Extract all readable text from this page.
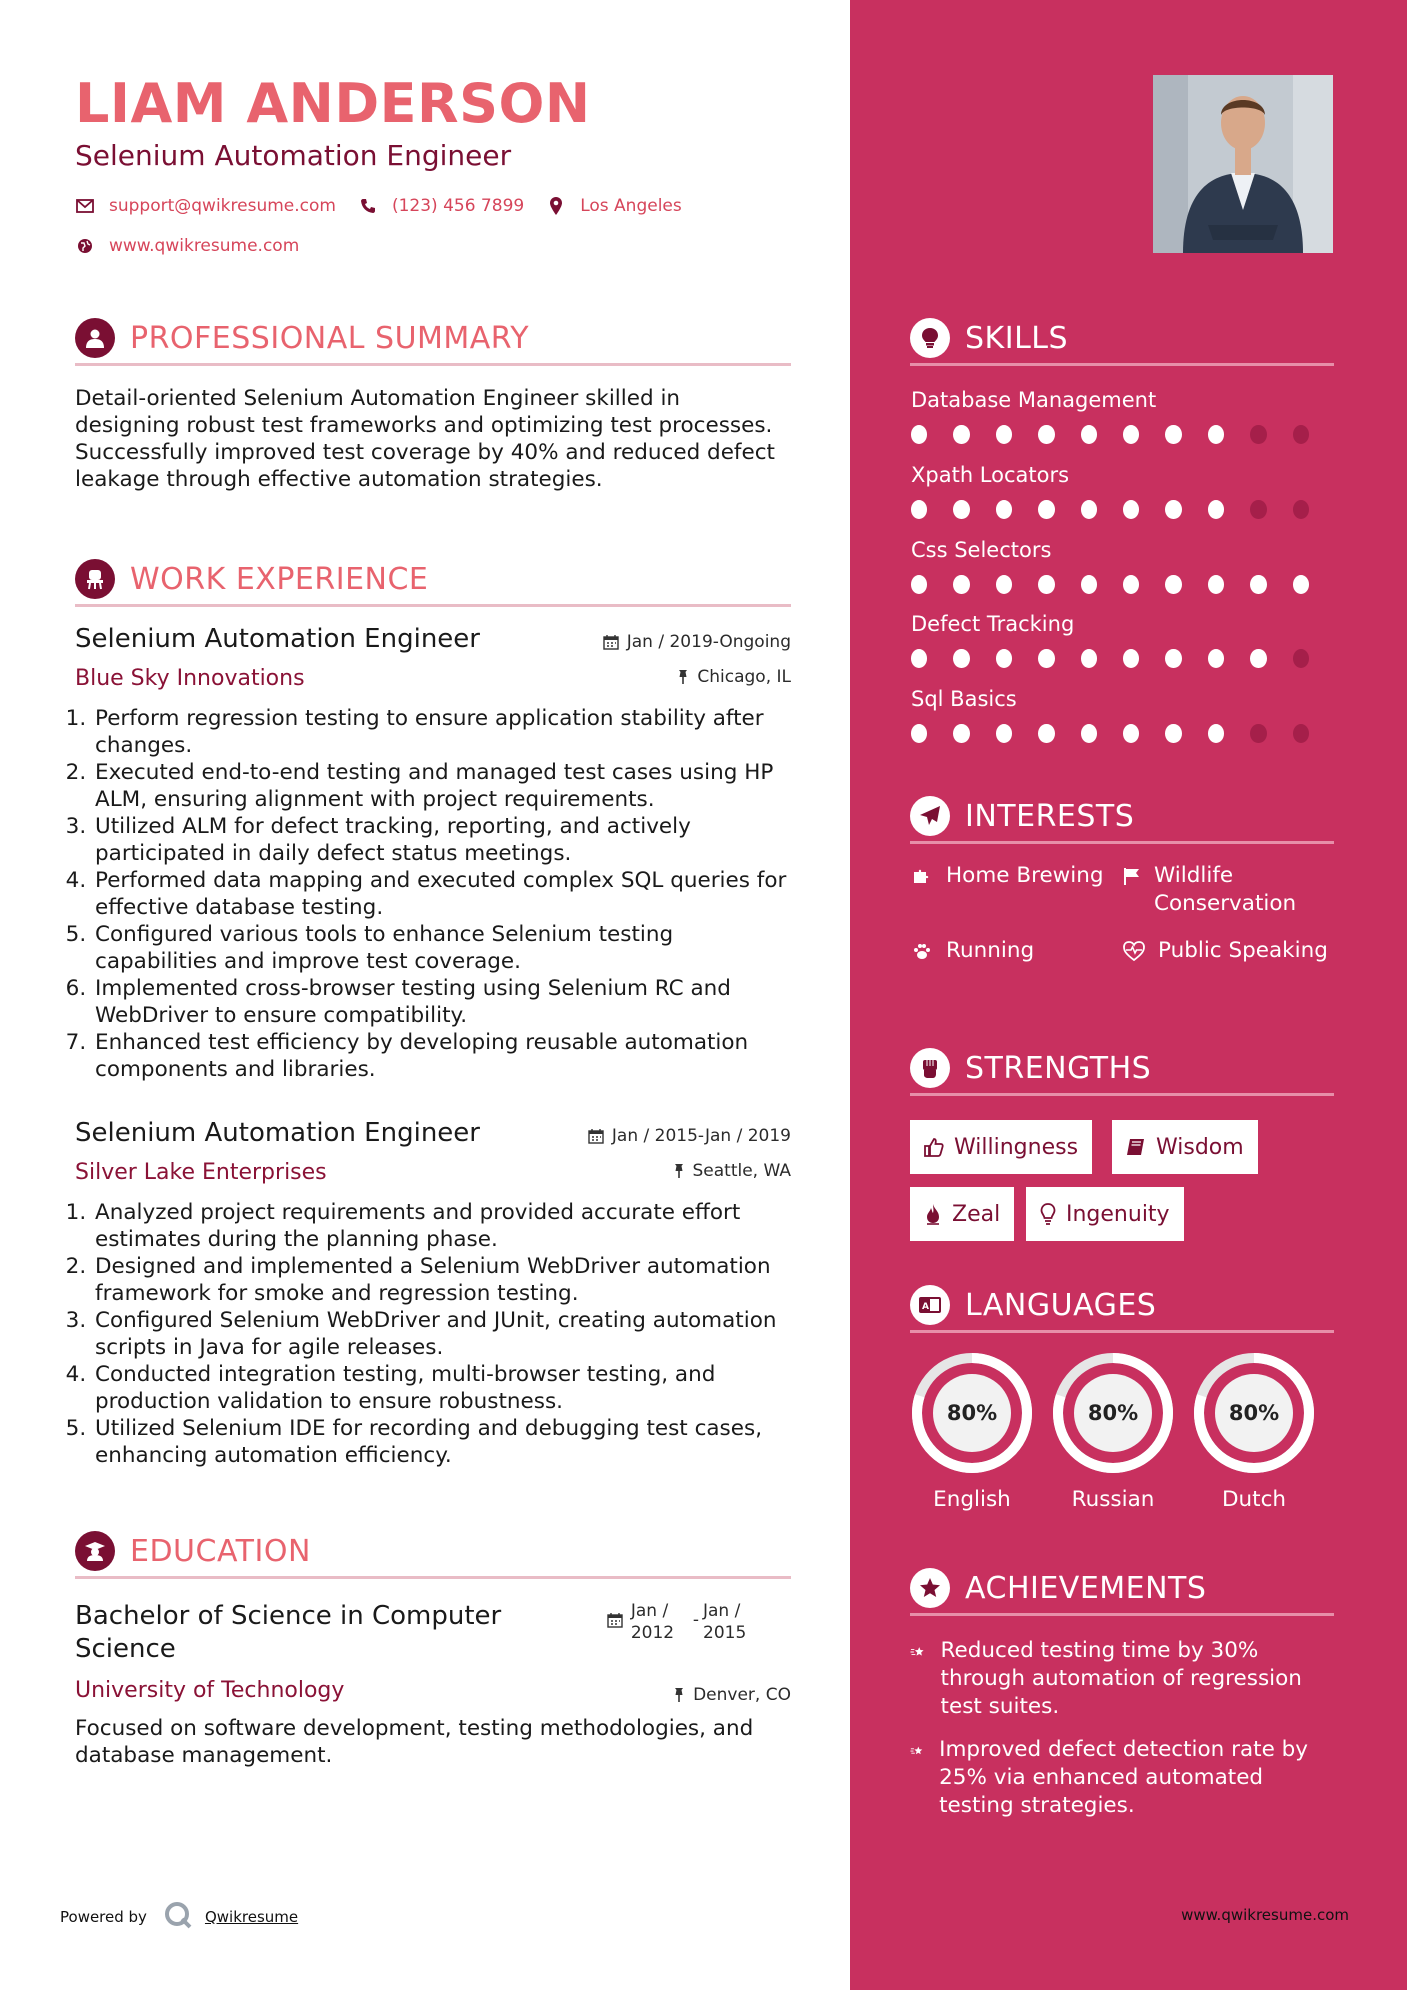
LIAM ANDERSON
Selenium Automation Engineer
support@qwikresume.com	(123) 456 7899	Los Angeles
www.qwikresume.com
PROFESSIONAL SUMMARY
Detail-oriented Selenium Automation Engineer skilled in designing robust test frameworks and optimizing test processes. Successfully improved test coverage by 40% and reduced defect leakage through effective automation strategies.
WORK EXPERIENCE
Selenium Automation Engineer
Blue Sky Innovations
Jan / 2019-Ongoing
Chicago, IL
1. Perform regression testing to ensure application stability after changes.
2. Executed end-to-end testing and managed test cases using HP ALM, ensuring alignment with project requirements.
3. Utilized ALM for defect tracking, reporting, and actively participated in daily defect status meetings.
4. Performed data mapping and executed complex SQL queries for effective database testing.
5. Configured various tools to enhance Selenium testing capabilities and improve test coverage.
6. Implemented cross-browser testing using Selenium RC and WebDriver to ensure compatibility.
7. Enhanced test efficiency by developing reusable automation components and libraries.
Selenium Automation Engineer
Silver Lake Enterprises
Jan / 2015-Jan / 2019
Seattle, WA
1. Analyzed project requirements and provided accurate effort estimates during the planning phase.
2. Designed and implemented a Selenium WebDriver automation framework for smoke and regression testing.
3. Configured Selenium WebDriver and JUnit, creating automation scripts in Java for agile releases.
4. Conducted integration testing, multi-browser testing, and production validation to ensure robustness.
5. Utilized Selenium IDE for recording and debugging test cases, enhancing automation efficiency.
EDUCATION
Bachelor of Science in Computer Science
Jan / 2012
- Jan / 2015
University of Technology	Denver, CO
Focused on software development, testing methodologies, and database management.
Powered by	Qwikresume
SKILLS
Database Management
Xpath Locators
Css Selectors
Defect Tracking
Sql Basics
INTERESTS
Home Brewing Wildlife Conservation
Running	Public Speaking
STRENGTHS
Willingness	Wisdom
Zeal	Ingenuity
A LANGUAGES
80%
English
80%
Russian
80%
Dutch
ACHIEVEMENTS
Reduced testing time by 30% through automation of regression test suites.
Improved defect detection rate by 25% via enhanced automated testing strategies.
www.qwikresume.com
